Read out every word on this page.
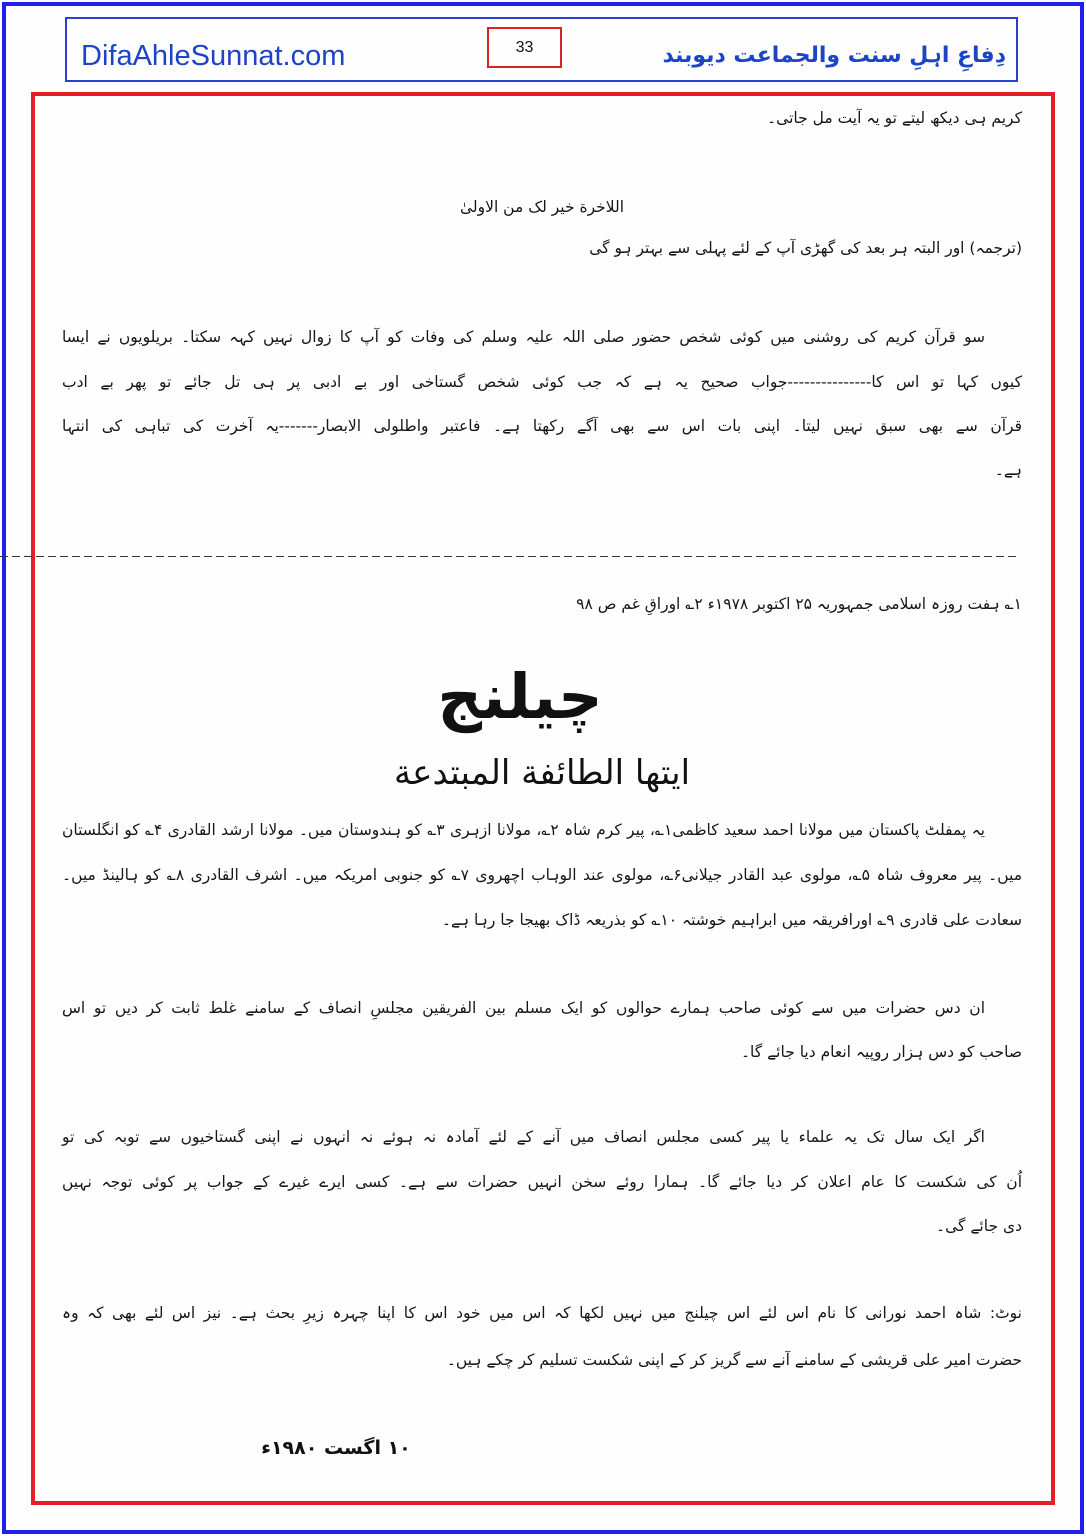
DifaAhleSunnat.com	33	دِفاعِ اہلِ سنت والجماعت دیوبند
کریم ہی دیکھ لیتے تو یہ آیت مل جاتی۔
اللاخرة خیر لک من الاولیٰ
(ترجمہ) اور البتہ ہر بعد کی گھڑی آپ کے لئے پہلی سے بہتر ہو گی
سو قرآن کریم کی روشنی میں کوئی شخص حضور صلی اللہ علیہ وسلم کی وفات کو آپ کا زوال نہیں کہہ سکتا۔ بریلویوں نے ایسا
کیوں کہا تو اس کا---------------جواب صحیح یہ ہے کہ جب کوئی شخص گستاخی اور بے ادبی پر ہی تل جائے تو پھر بے ادب
قرآن سے بھی سبق نہیں لیتا۔ اپنی بات اس سے بھی آگے رکھتا ہے۔ فاعتبر واطلولی الابصار-------یہ آخرت کی تباہی کی انتہا
ہے۔
۱؎ ہفت روزہ اسلامی جمہوریہ ۲۵ اکتوبر ۱۹۷۸ء ۲؎ اوراقِ غم ص ۹۸
چیلنج
ایتها الطائفة المبتدعة
یہ پمفلٹ پاکستان میں مولانا احمد سعید کاظمی۱؎، پیر کرم شاہ ۲؎، مولانا ازہری ۳؎ کو ہندوستان میں۔ مولانا ارشد القادری ۴؎ کو انگلستان
میں۔ پیر معروف شاہ ۵؎، مولوی عبد القادر جیلانی۶؎، مولوی عند الوہاب اچھروی ۷؎ کو جنوبی امریکہ میں۔ اشرف القادری ۸؎ کو ہالینڈ میں۔
سعادت علی قادری ۹؎ اورافریقہ میں ابراہیم خوشتہ ۱۰؎ کو بذریعہ ڈاک بھیجا جا رہا ہے۔
ان دس حضرات میں سے کوئی صاحب ہمارے حوالوں کو ایک مسلم بین الفریقین مجلسِ انصاف کے سامنے غلط ثابت کر دیں تو اس
صاحب کو دس ہزار روپیہ انعام دیا جائے گا۔
اگر ایک سال تک یہ علماء یا پیر کسی مجلس انصاف میں آنے کے لئے آمادہ نہ ہوئے نہ انہوں نے اپنی گستاخیوں سے توبہ کی تو
اُن کی شکست کا عام اعلان کر دیا جائے گا۔ ہمارا روئے سخن انہیں حضرات سے ہے۔ کسی ایرے غیرے کے جواب پر کوئی توجہ نہیں
دی جائے گی۔
نوٹ: شاہ احمد نورانی کا نام اس لئے اس چیلنج میں نہیں لکھا کہ اس میں خود اس کا اپنا چہرہ زیرِ بحث ہے۔ نیز اس لئے بھی کہ وہ
حضرت امیر علی قریشی کے سامنے آنے سے گریز کر کے اپنی شکست تسلیم کر چکے ہیں۔
۱۰ اگست ۱۹۸۰ء
